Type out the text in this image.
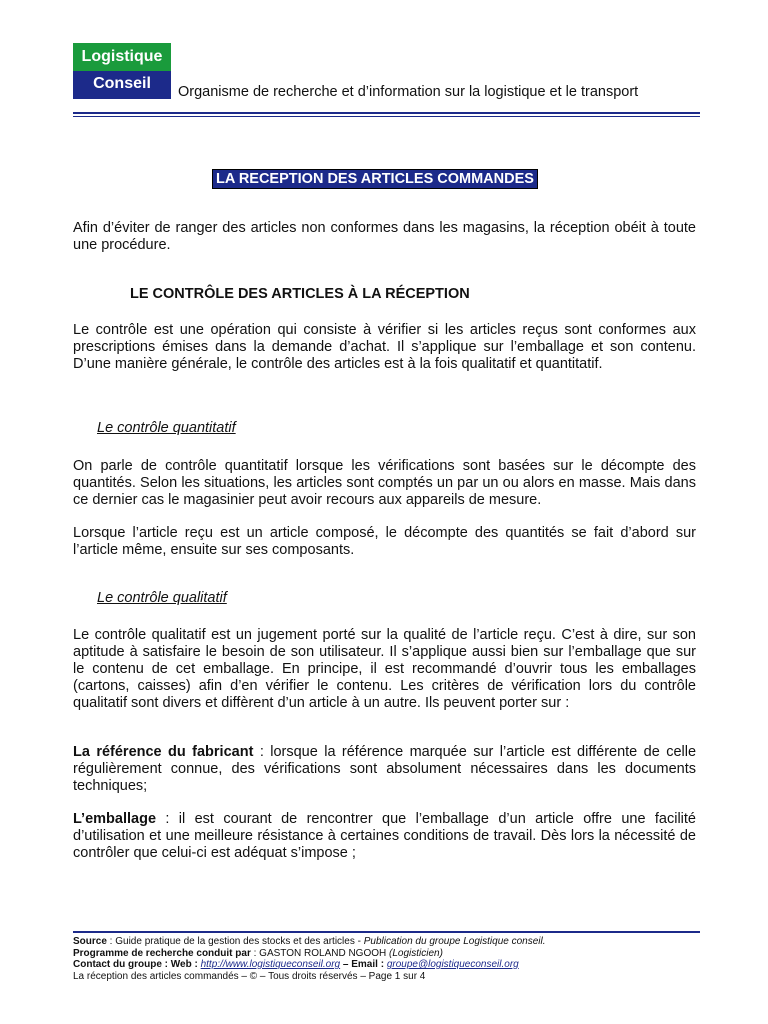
Logistique
Conseil	Organisme de recherche et d’information sur la logistique et le transport
LA RECEPTION DES ARTICLES COMMANDES
Afin d’éviter de ranger des articles non conformes dans les magasins, la réception obéit à toute une procédure.
LE CONTRÔLE DES ARTICLES À LA RÉCEPTION
Le contrôle est une opération qui consiste à vérifier si les articles reçus sont conformes aux prescriptions émises dans la demande d’achat. Il s’applique sur l’emballage et son contenu. D’une manière générale, le contrôle des articles est à la fois qualitatif et quantitatif.
Le contrôle quantitatif
On parle de contrôle quantitatif lorsque les vérifications sont basées sur le décompte des quantités. Selon les situations, les articles sont comptés un par un ou alors en masse. Mais dans ce dernier cas le magasinier peut avoir recours aux appareils de mesure.
Lorsque l’article reçu est un article composé, le décompte des quantités se fait d’abord sur l’article même, ensuite sur ses composants.
Le contrôle qualitatif
Le contrôle qualitatif est un jugement porté sur la qualité de l’article reçu. C’est à dire, sur son aptitude à satisfaire le besoin de son utilisateur. Il s’applique aussi bien sur l’emballage que sur le contenu de cet emballage. En principe, il est recommandé d’ouvrir tous les emballages (cartons, caisses) afin d’en vérifier le contenu. Les critères de vérification lors du contrôle qualitatif sont divers et diffèrent d’un article à un autre. Ils peuvent porter sur :
La référence du fabricant : lorsque la référence marquée sur l’article est différente de celle régulièrement connue, des vérifications sont absolument nécessaires dans les documents techniques;
L’emballage : il est courant de rencontrer que l’emballage d’un article offre une facilité d’utilisation et une meilleure résistance à certaines conditions de travail. Dès lors la nécessité de contrôler que celui-ci est adéquat s’impose ;
Source : Guide pratique de la gestion des stocks et des articles - Publication du groupe Logistique conseil.
Programme de recherche conduit par : GASTON ROLAND NGOOH (Logisticien)
Contact du groupe : Web : http://www.logistiqueconseil.org – Email : groupe@logistiqueconseil.org
La réception des articles commandés – © – Tous droits réservés – Page 1 sur 4
